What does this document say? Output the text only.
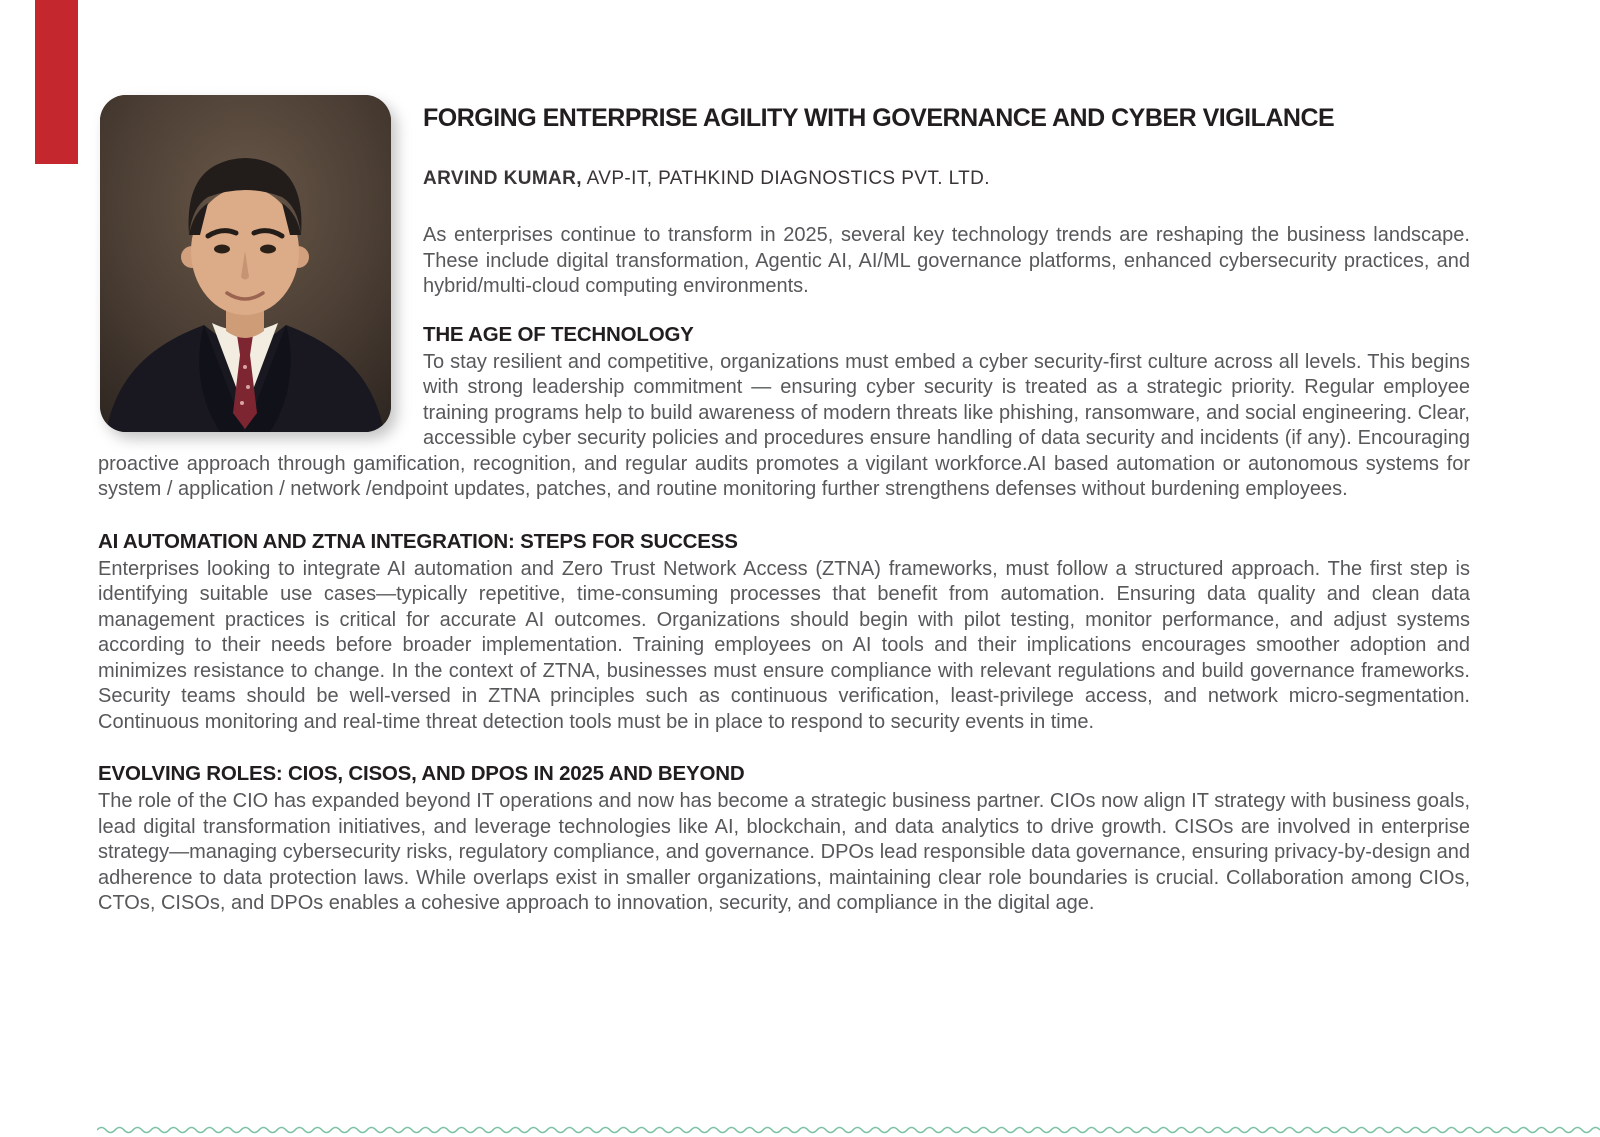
FORGING ENTERPRISE AGILITY WITH GOVERNANCE AND CYBER VIGILANCE

ARVIND KUMAR, AVP-IT, PATHKIND DIAGNOSTICS PVT. LTD.

As enterprises continue to transform in 2025, several key technology trends are reshaping the business landscape. These include digital transformation, Agentic AI, AI/ML governance platforms, enhanced cybersecurity practices, and hybrid/multi-cloud computing environments.

THE AGE OF TECHNOLOGY

To stay resilient and competitive, organizations must embed a cyber security-first culture across all levels. This begins with strong leadership commitment — ensuring cyber security is treated as a strategic priority. Regular employee training programs help to build awareness of modern threats like phishing, ransomware, and social engineering. Clear, accessible cyber security policies and procedures ensure handling of data security and incidents (if any). Encouraging proactive approach through gamification, recognition, and regular audits promotes a vigilant workforce.AI based automation or autonomous systems for system / application / network /endpoint updates, patches, and routine monitoring further strengthens defenses without burdening employees.

AI AUTOMATION AND ZTNA INTEGRATION: STEPS FOR SUCCESS

Enterprises looking to integrate AI automation and Zero Trust Network Access (ZTNA) frameworks, must follow a structured approach. The first step is identifying suitable use cases—typically repetitive, time-consuming processes that benefit from automation. Ensuring data quality and clean data management practices is critical for accurate AI outcomes. Organizations should begin with pilot testing, monitor performance, and adjust systems according to their needs before broader implementation. Training employees on AI tools and their implications encourages smoother adoption and minimizes resistance to change. In the context of ZTNA, businesses must ensure compliance with relevant regulations and build governance frameworks. Security teams should be well-versed in ZTNA principles such as continuous verification, least-privilege access, and network micro-segmentation. Continuous monitoring and real-time threat detection tools must be in place to respond to security events in time.

EVOLVING ROLES: CIOS, CISOS, AND DPOS IN 2025 AND BEYOND

The role of the CIO has expanded beyond IT operations and now has become a strategic business partner. CIOs now align IT strategy with business goals, lead digital transformation initiatives, and leverage technologies like AI, blockchain, and data analytics to drive growth. CISOs are involved in enterprise strategy—managing cybersecurity risks, regulatory compliance, and governance. DPOs lead responsible data governance, ensuring privacy-by-design and adherence to data protection laws. While overlaps exist in smaller organizations, maintaining clear role boundaries is crucial. Collaboration among CIOs, CTOs, CISOs, and DPOs enables a cohesive approach to innovation, security, and compliance in the digital age.
